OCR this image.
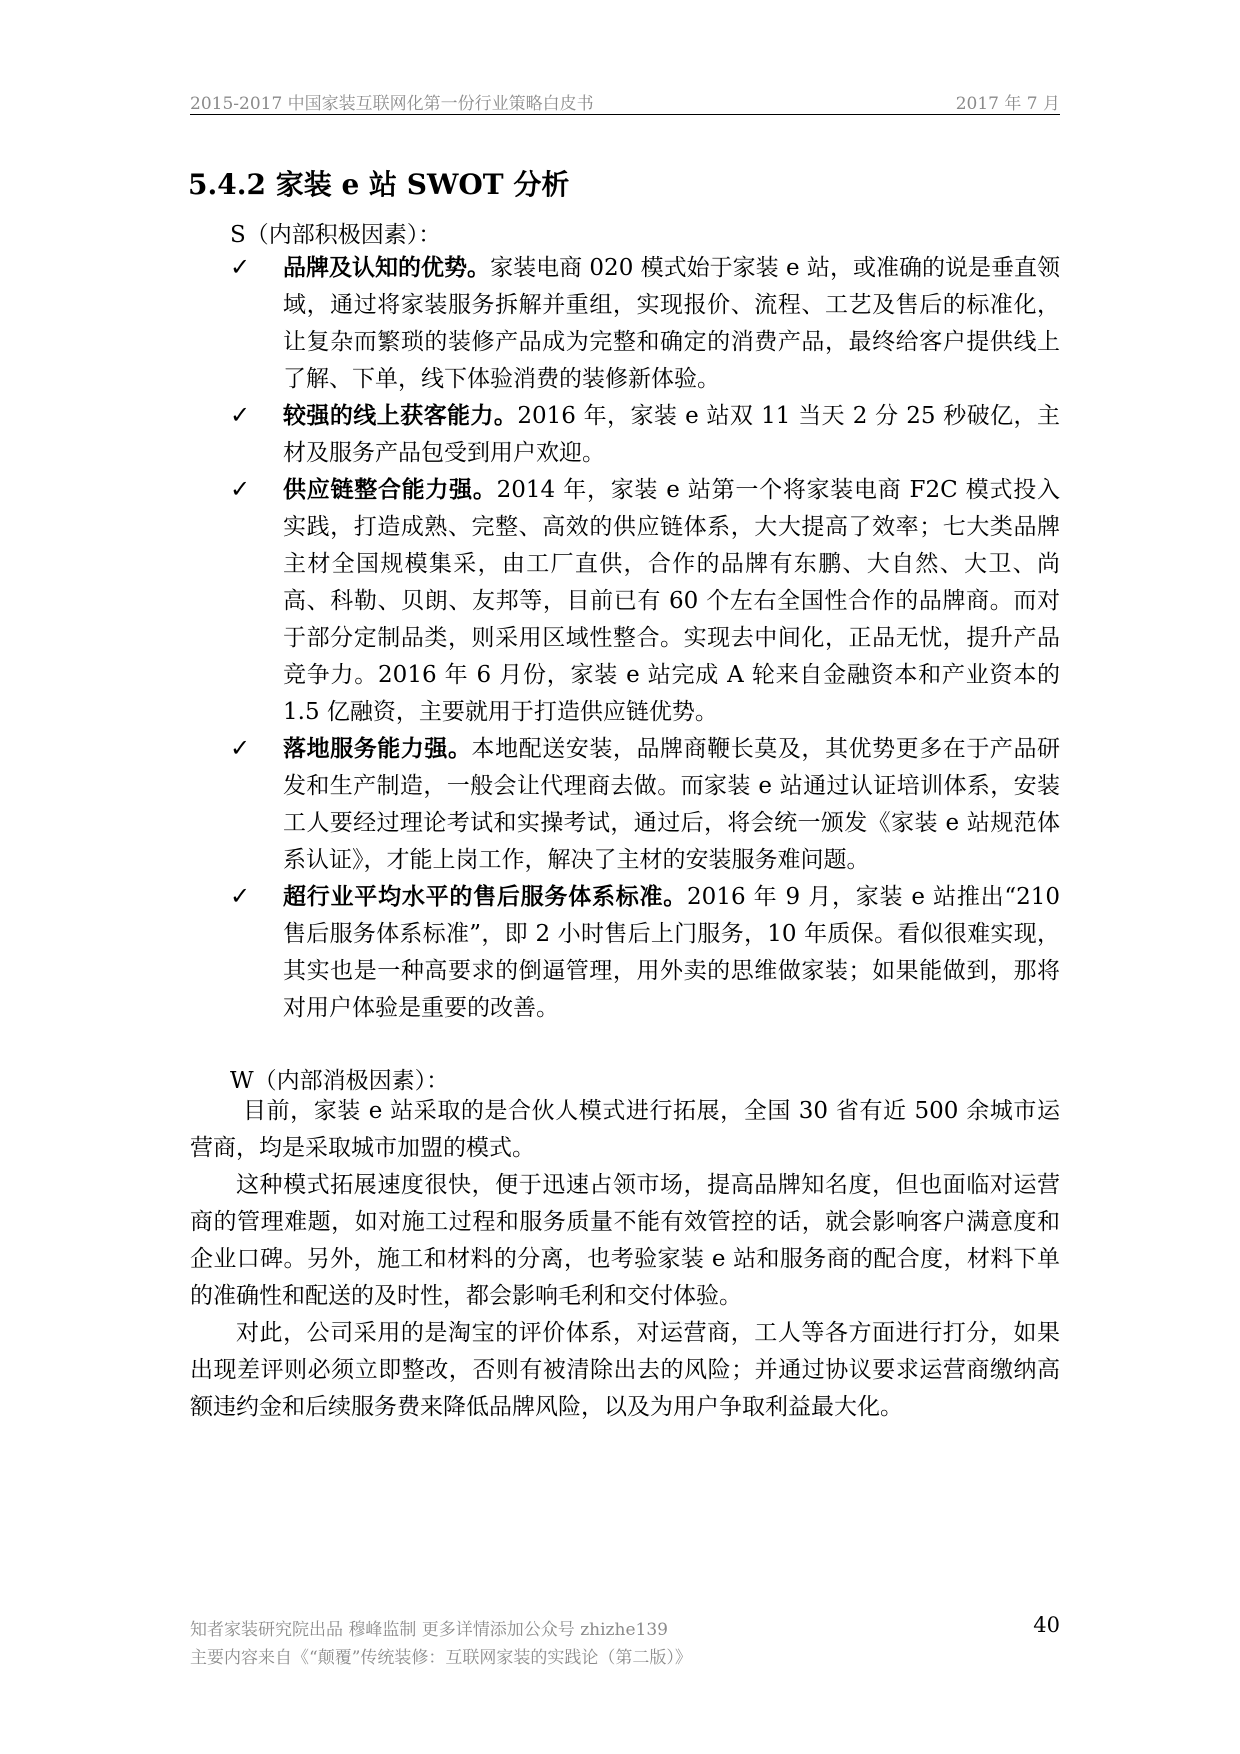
2015-2017 中国家装互联网化第一份行业策略白皮书	2017 年 7 月
5.4.2 家装 e 站 SWOT 分析
S（内部积极因素）：
✓	品牌及认知的优势。家装电商 020 模式始于家装 e 站，或准确的说是垂直领域，通过将家装服务拆解并重组，实现报价、流程、工艺及售后的标准化，让复杂而繁琐的装修产品成为完整和确定的消费产品，最终给客户提供线上了解、下单，线下体验消费的装修新体验。
✓	较强的线上获客能力。2016 年，家装 e 站双 11 当天 2 分 25 秒破亿，主材及服务产品包受到用户欢迎。
✓	供应链整合能力强。2014 年，家装 e 站第一个将家装电商 F2C 模式投入实践，打造成熟、完整、高效的供应链体系，大大提高了效率；七大类品牌主材全国规模集采，由工厂直供，合作的品牌有东鹏、大自然、大卫、尚高、科勒、贝朗、友邦等，目前已有 60 个左右全国性合作的品牌商。而对于部分定制品类，则采用区域性整合。实现去中间化，正品无忧，提升产品竞争力。2016 年 6 月份，家装 e 站完成 A 轮来自金融资本和产业资本的 1.5 亿融资，主要就用于打造供应链优势。
✓	落地服务能力强。本地配送安装，品牌商鞭长莫及，其优势更多在于产品研发和生产制造，一般会让代理商去做。而家装 e 站通过认证培训体系，安装工人要经过理论考试和实操考试，通过后，将会统一颁发《家装 e 站规范体系认证》，才能上岗工作，解决了主材的安装服务难问题。
✓	超行业平均水平的售后服务体系标准。2016 年 9 月，家装 e 站推出“210 售后服务体系标准”，即 2 小时售后上门服务，10 年质保。看似很难实现，其实也是一种高要求的倒逼管理，用外卖的思维做家装；如果能做到，那将对用户体验是重要的改善。
W（内部消极因素）：

目前，家装 e 站采取的是合伙人模式进行拓展，全国 30 省有近 500 余城市运营商，均是采取城市加盟的模式。

这种模式拓展速度很快，便于迅速占领市场，提高品牌知名度，但也面临对运营商的管理难题，如对施工过程和服务质量不能有效管控的话，就会影响客户满意度和企业口碑。另外，施工和材料的分离，也考验家装 e 站和服务商的配合度，材料下单的准确性和配送的及时性，都会影响毛利和交付体验。

对此，公司采用的是淘宝的评价体系，对运营商，工人等各方面进行打分，如果出现差评则必须立即整改，否则有被清除出去的风险；并通过协议要求运营商缴纳高额违约金和后续服务费来降低品牌风险，以及为用户争取利益最大化。

知者家装研究院出品 穆峰监制 更多详情添加公众号 zhizhe139
主要内容来自《“颠覆”传统装修：互联网家装的实践论（第二版）》
40
